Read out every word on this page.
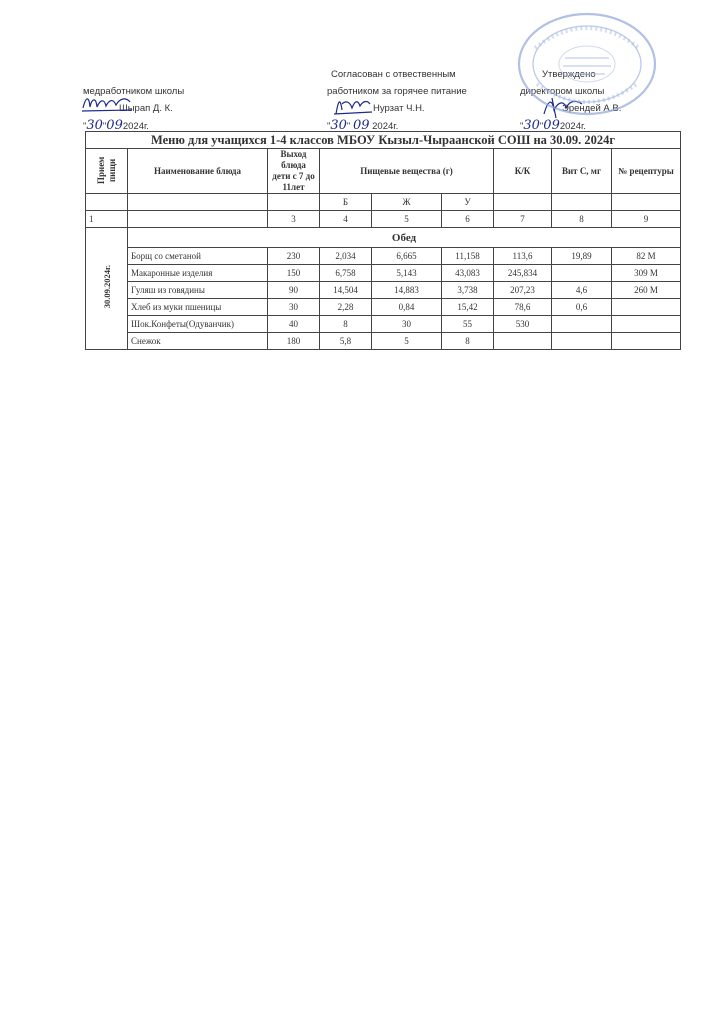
медработником школы
Шырап Д. К.
"30"092024г.
Согласован с отвественным
работником за горячее питание
Нурзат Ч.Н.
"30" 09 2024г.
Утверждено
директором школы
Эрендей А.В.
"30"092024г.
Меню для учащихся 1-4 классов МБОУ Кызыл-Чыраанской СОШ на 30.09. 2024г								
Прием пищи	Наименование блюда	Выход блюда дети с 7 до 11лет	Пищевые вещества (г)			К/К	Вит С, мг	№ рецептуры
			Б	Ж	У			
1		3	4	5	6	7	8	9
30.09.2024г.	Обед							
	Борщ со сметаной	230	2,034	6,665	11,158	113,6	19,89	82 М
	Макаронные изделия	150	6,758	5,143	43,083	245,834		309 М
	Гуляш из говядины	90	14,504	14,883	3,738	207,23	4,6	260 М
	Хлеб из муки пшеницы	30	2,28	0,84	15,42	78,6	0,6	
	Шок.Конфеты(Одуванчик)	40	8	30	55	530		
	Снежок	180	5,8	5	8			
